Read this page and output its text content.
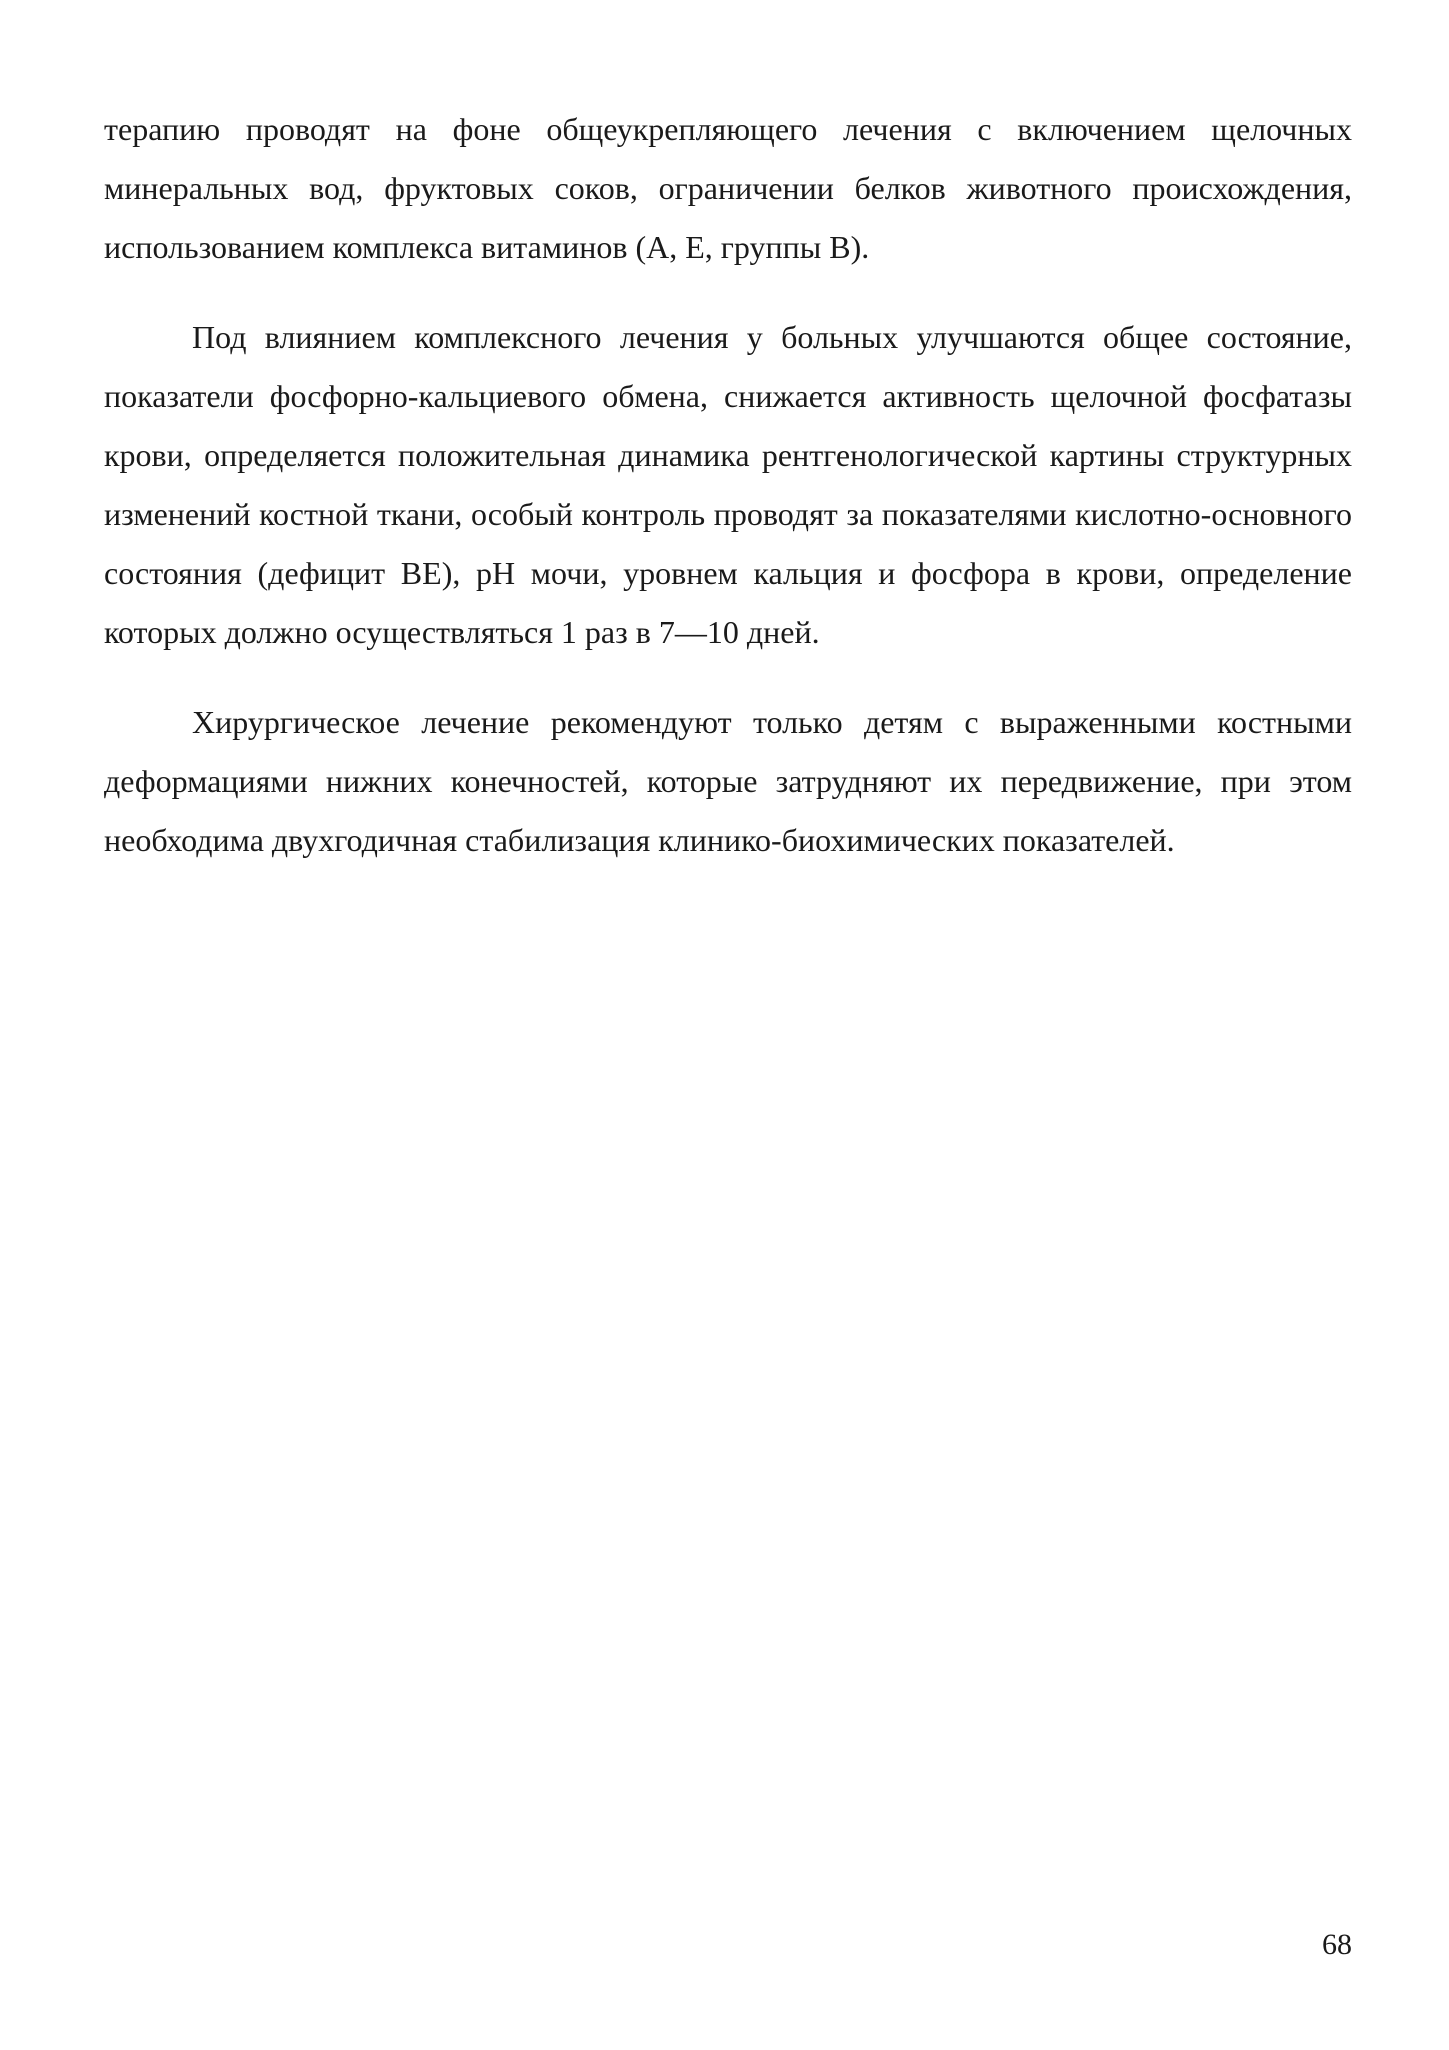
терапию проводят на фоне общеукрепляющего лечения с включением щелочных минеральных вод, фруктовых соков, ограничении белков животного происхождения, использованием комплекса витаминов (А, Е, группы В).

Под влиянием комплексного лечения у больных улучшаются общее состояние, показатели фосфорно-кальциевого обмена, снижается активность щелочной фосфатазы крови, определяется положительная динамика рентгенологической картины структурных изменений костной ткани, особый контроль проводят за показателями кислотно-основного состояния (дефицит ВЕ), рН мочи, уровнем кальция и фосфора в крови, определение которых должно осуществляться 1 раз в 7—10 дней.

Хирургическое лечение рекомендуют только детям с выраженными костными деформациями нижних конечностей, которые затрудняют их передвижение, при этом необходима двухгодичная стабилизация клинико-биохимических показателей.

68
